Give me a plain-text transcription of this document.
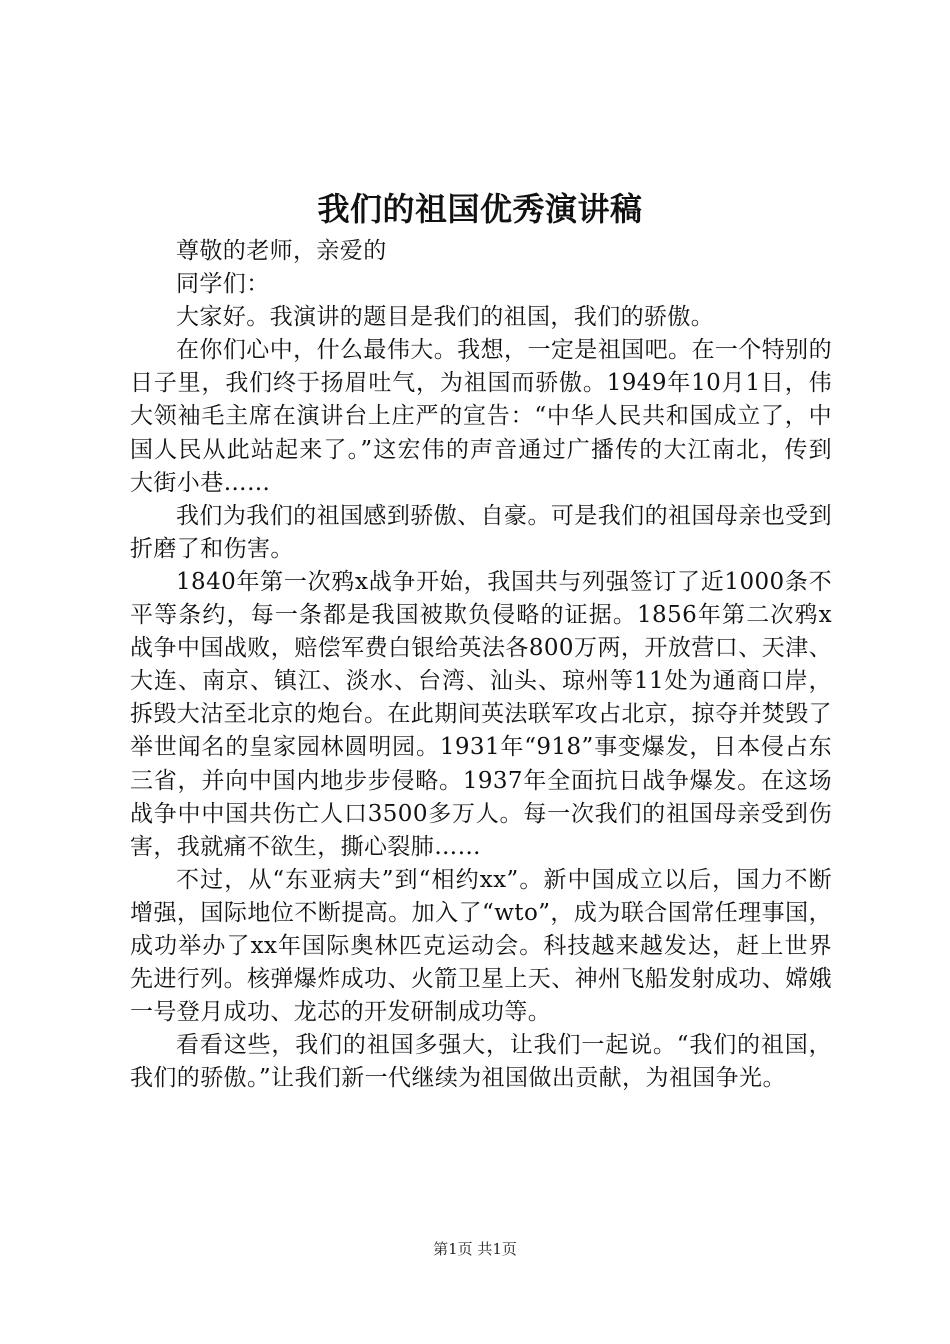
我们的祖国优秀演讲稿

尊敬的老师，亲爱的

同学们：

大家好。我演讲的题目是我们的祖国，我们的骄傲。

在你们心中，什么最伟大。我想，一定是祖国吧。在一个特别的日子里，我们终于扬眉吐气，为祖国而骄傲。1949年10月1日，伟大领袖毛主席在演讲台上庄严的宣告：“中华人民共和国成立了，中国人民从此站起来了。”这宏伟的声音通过广播传的大江南北，传到大街小巷……

我们为我们的祖国感到骄傲、自豪。可是我们的祖国母亲也受到折磨了和伤害。

1840年第一次鸦x战争开始，我国共与列强签订了近1000条不平等条约，每一条都是我国被欺负侵略的证据。1856年第二次鸦x战争中国战败，赔偿军费白银给英法各800万两，开放营口、天津、大连、南京、镇江、淡水、台湾、汕头、琼州等11处为通商口岸，拆毁大沽至北京的炮台。在此期间英法联军攻占北京，掠夺并焚毁了举世闻名的皇家园林圆明园。1931年“918”事变爆发，日本侵占东三省，并向中国内地步步侵略。1937年全面抗日战争爆发。在这场战争中中国共伤亡人口3500多万人。每一次我们的祖国母亲受到伤害，我就痛不欲生，撕心裂肺……

不过，从“东亚病夫”到“相约xx”。新中国成立以后，国力不断增强，国际地位不断提高。加入了“wto”，成为联合国常任理事国，成功举办了xx年国际奥林匹克运动会。科技越来越发达，赶上世界先进行列。核弹爆炸成功、火箭卫星上天、神州飞船发射成功、嫦娥一号登月成功、龙芯的开发研制成功等。

看看这些，我们的祖国多强大，让我们一起说。“我们的祖国，我们的骄傲。”让我们新一代继续为祖国做出贡献，为祖国争光。

第1页 共1页
